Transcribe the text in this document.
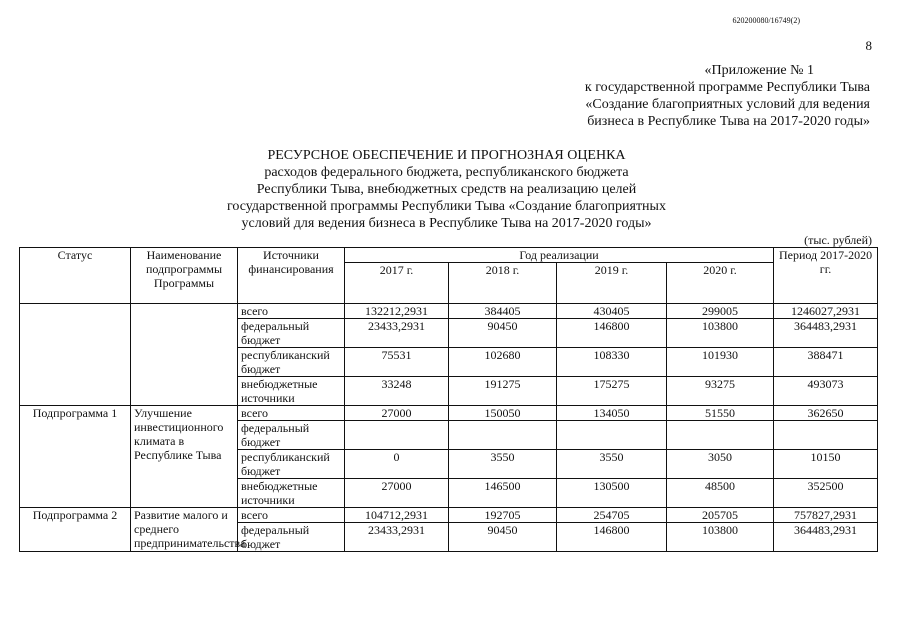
620200080/16749(2)
8
«Приложение № 1
к государственной программе Республики Тыва
«Создание благоприятных условий для ведения
бизнеса в Республике Тыва на 2017-2020 годы»
РЕСУРСНОЕ ОБЕСПЕЧЕНИЕ И ПРОГНОЗНАЯ ОЦЕНКА
расходов федерального бюджета, республиканского бюджета
Республики Тыва, внебюджетных средств на реализацию целей
государственной программы Республики Тыва «Создание благоприятных
условий для ведения бизнеса в Республике Тыва на 2017-2020 годы»
(тыс. рублей)
Статус	Наименование подпрограммы Программы	Источники финансирования	Год реализации				Период 2017-2020 гг.
			2017 г.	2018 г.	2019 г.	2020 г.	
		всего	132212,2931	384405	430405	299005	1246027,2931
		федеральный бюджет	23433,2931	90450	146800	103800	364483,2931
		республиканский бюджет	75531	102680	108330	101930	388471
		внебюджетные источники	33248	191275	175275	93275	493073
Подпрограмма 1	Улучшение инвестиционного климата в Республике Тыва	всего	27000	150050	134050	51550	362650
		федеральный бюджет					
		республиканский бюджет	0	3550	3550	3050	10150
		внебюджетные источники	27000	146500	130500	48500	352500
Подпрограмма 2	Развитие малого и среднего предпринимательства	всего	104712,2931	192705	254705	205705	757827,2931
		федеральный бюджет	23433,2931	90450	146800	103800	364483,2931
